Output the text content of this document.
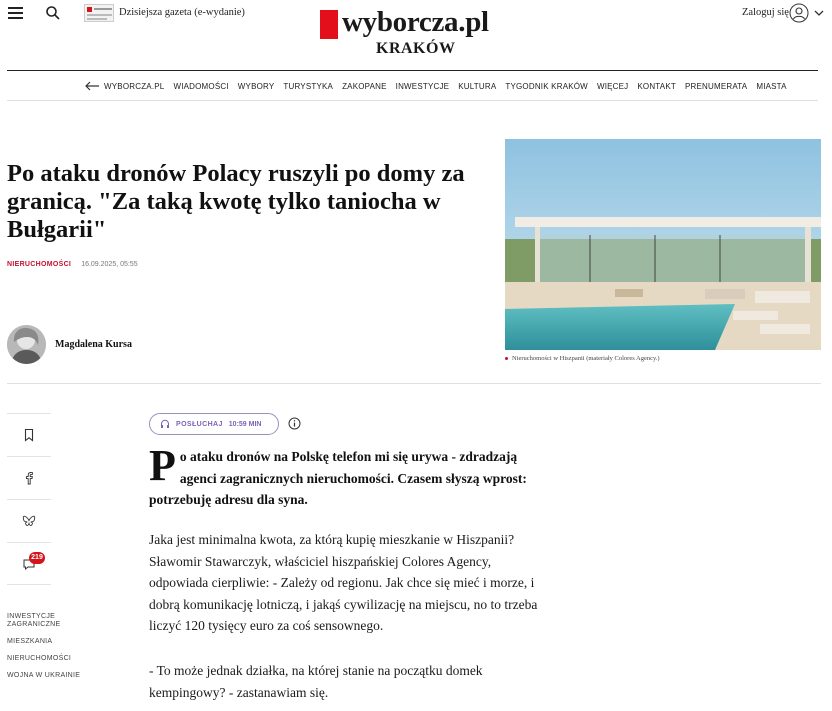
Dzisiejsza gazeta (e-wydanie)	wyborcza.pl
KRAKÓW
Zaloguj się
WYBORCZA.PL WIADOMOŚCI WYBORY TURYSTYKA ZAKOPANE INWESTYCJE KULTURA TYGODNIK KRAKÓW WIĘCEJ KONTAKT PRENUMERATA MIASTA
Po ataku dronów Polacy ruszyli po domy za granicą. "Za taką kwotę tylko taniocha w Bułgarii"
NIERUCHOMOŚCI 16.09.2025, 05:55
Magdalena Kursa
Nieruchomości w Hiszpanii (materiały Colores Agency.)
219
INWESTYCJE ZAGRANICZNE
MIESZKANIA
NIERUCHOMOŚCI
WOJNA W UKRAINIE
POSŁUCHAJ 10:59 MIN
P o ataku dronów na Polskę telefon mi się urywa - zdradzają agenci zagranicznych nieruchomości. Czasem słyszą wprost: potrzebuję adresu dla syna.

Jaka jest minimalna kwota, za którą kupię mieszkanie w Hiszpanii? Sławomir Stawarczyk, właściciel hiszpańskiej Colores Agency, odpowiada cierpliwie: - Zależy od regionu. Jak chce się mieć i morze, i dobrą komunikację lotniczą, i jakąś cywilizację na miejscu, no to trzeba liczyć 120 tysięcy euro za coś sensownego.

- To może jednak działka, na której stanie na początku domek kempingowy? - zastanawiam się.
